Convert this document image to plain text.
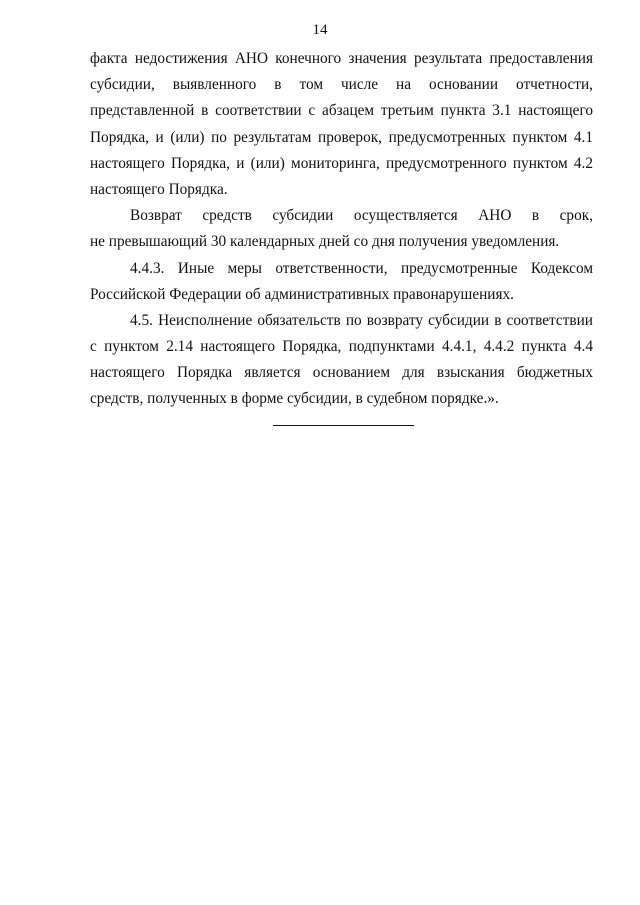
14
факта недостижения АНО конечного значения результата предоставления
субсидии, выявленного в том числе на основании отчетности,
представленной в соответствии с абзацем третьим пункта 3.1 настоящего
Порядка, и (или) по результатам проверок, предусмотренных пунктом 4.1
настоящего Порядка, и (или) мониторинга, предусмотренного пунктом 4.2
настоящего Порядка.
Возврат средств субсидии осуществляется АНО в срок,
не превышающий 30 календарных дней со дня получения уведомления.
4.4.3. Иные меры ответственности, предусмотренные Кодексом
Российской Федерации об административных правонарушениях.
4.5. Неисполнение обязательств по возврату субсидии в соответствии
с пунктом 2.14 настоящего Порядка, подпунктами 4.4.1, 4.4.2 пункта 4.4
настоящего Порядка является основанием для взыскания бюджетных
средств, полученных в форме субсидии, в судебном порядке.».
